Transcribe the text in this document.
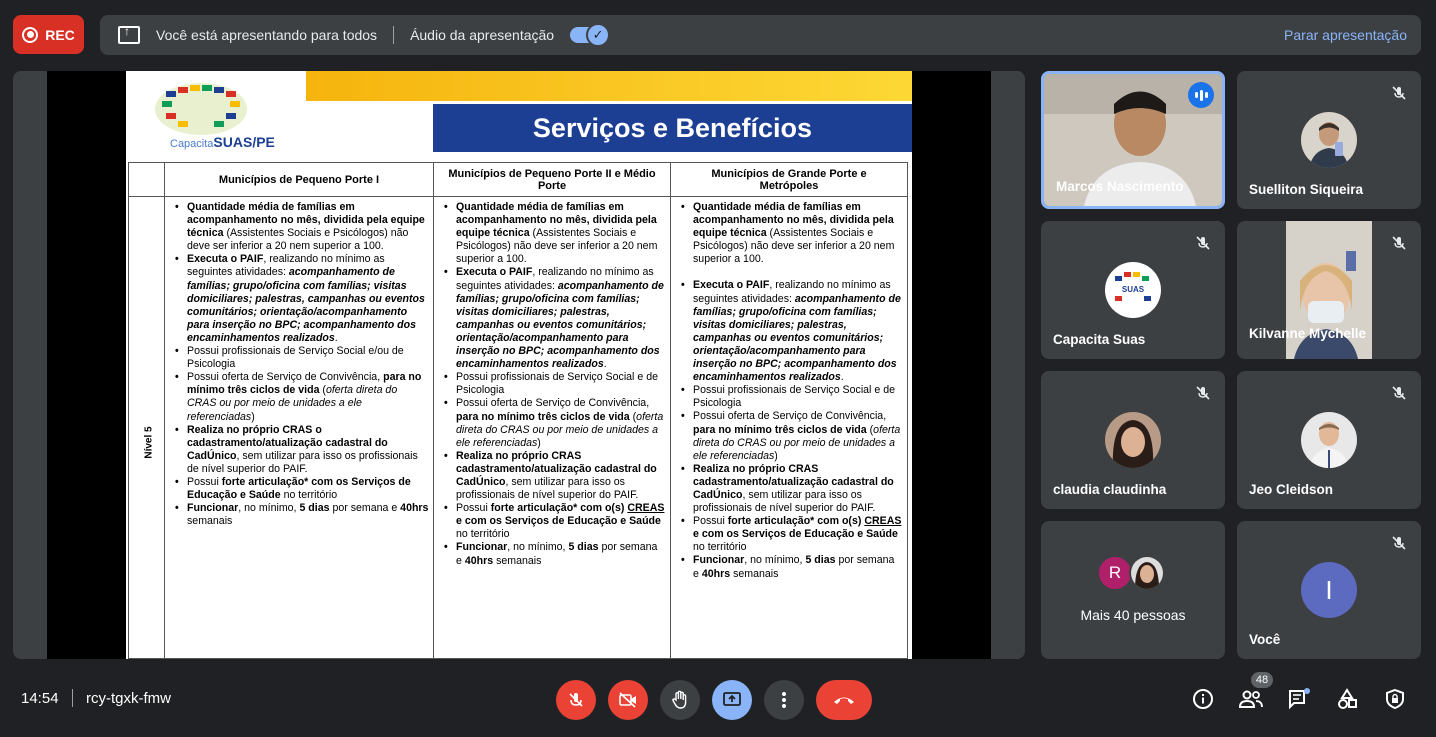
REC
↑	Você está apresentando para todos Áudio da apresentação	✓	Parar apresentação
CapacitaSUAS/PE	Serviços e Benefícios
Municípios de Pequeno Porte I	Municípios de Pequeno Porte II e Médio Porte
Municípios de Grande Porte e Metrópoles
Nível 5
• Quantidade média de famílias em acompanhamento no mês, dividida pela equipe técnica (Assistentes Sociais e Psicólogos) não deve ser inferior a 20 nem superior a 100.
• Executa o PAIF, realizando no mínimo as seguintes atividades: acompanhamento de famílias; grupo/oficina com famílias; visitas domiciliares; palestras, campanhas ou eventos comunitários; orientação/acompanhamento para inserção no BPC; acompanhamento dos encaminhamentos realizados.
• Possui profissionais de Serviço Social e/ou de Psicologia
• Possui oferta de Serviço de Convivência, para no mínimo três ciclos de vida (oferta direta do CRAS ou por meio de unidades a ele referenciadas)
• Realiza no próprio CRAS o cadastramento/atualização cadastral do CadÚnico, sem utilizar para isso os profissionais de nível superior do PAIF.
• Possui forte articulação* com os Serviços de Educação e Saúde no território
• Funcionar, no mínimo, 5 dias por semana e 40hrs semanais
• Quantidade média de famílias em acompanhamento no mês, dividida pela equipe técnica (Assistentes Sociais e Psicólogos) não deve ser inferior a 20 nem superior a 100.
• Executa o PAIF, realizando no mínimo as seguintes atividades: acompanhamento de famílias; grupo/oficina com famílias; visitas domiciliares; palestras, campanhas ou eventos comunitários; orientação/acompanhamento para inserção no BPC; acompanhamento dos encaminhamentos realizados.
• Possui profissionais de Serviço Social e de Psicologia
• Possui oferta de Serviço de Convivência, para no mínimo três ciclos de vida (oferta direta do CRAS ou por meio de unidades a ele referenciadas)
• Realiza no próprio CRAS cadastramento/atualização cadastral do CadÚnico, sem utilizar para isso os profissionais de nível superior do PAIF.
• Possui forte articulação* com o(s) CREAS e com os Serviços de Educação e Saúde no território
• Funcionar, no mínimo, 5 dias por semana e 40hrs semanais
• Quantidade média de famílias em acompanhamento no mês, dividida pela equipe técnica (Assistentes Sociais e Psicólogos) não deve ser inferior a 20 nem superior a 100.
• Executa o PAIF, realizando no mínimo as seguintes atividades: acompanhamento de famílias; grupo/oficina com famílias; visitas domiciliares; palestras, campanhas ou eventos comunitários; orientação/acompanhamento para inserção no BPC; acompanhamento dos encaminhamentos realizados.
• Possui profissionais de Serviço Social e de Psicologia
• Possui oferta de Serviço de Convivência, para no mínimo três ciclos de vida (oferta direta do CRAS ou por meio de unidades a ele referenciadas)
• Realiza no próprio CRAS cadastramento/atualização cadastral do CadÚnico, sem utilizar para isso os profissionais de nível superior do PAIF.
• Possui forte articulação* com o(s) CREAS e com os Serviços de Educação e Saúde no território
• Funcionar, no mínimo, 5 dias por semana e 40hrs semanais
Marcos Nascimento	Suelliton Siqueira
SUAS
Capacita Suas	Kilvanne Mychelle
claudia claudinha	Jeo Cleidson
R
Mais 40 pessoas
I
Você
14:54 rcy-tgxk-fmw
48
